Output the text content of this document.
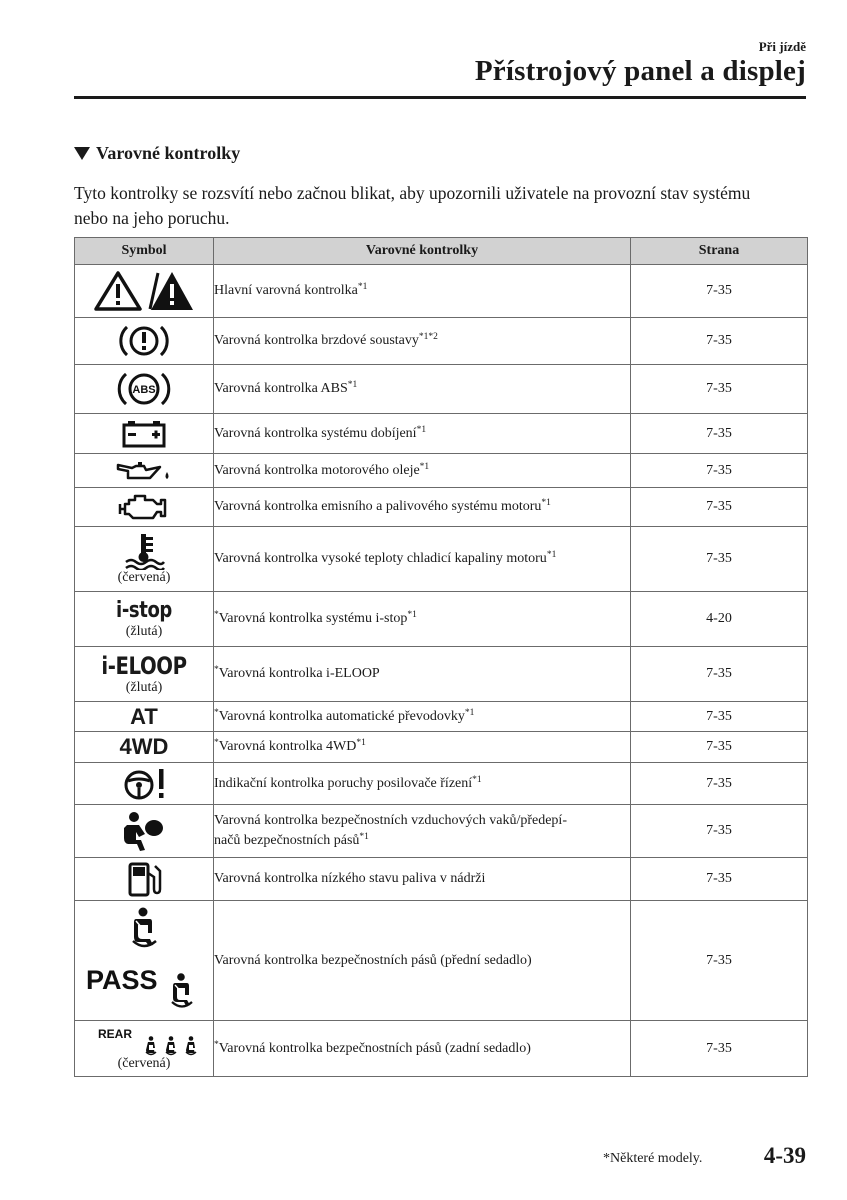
Při jízdě
Přístrojový panel a displej
Varovné kontrolky
Tyto kontrolky se rozsvítí nebo začnou blikat, aby upozornili uživatele na provozní stav systému nebo na jeho poruchu.
Symbol	Varovné kontrolky	Strana

	Hlavní varovná kontrolka$^{*1}$	7-35

	Varovná kontrolka brzdové soustavy$^{*1*2}$	7-35

ABS	Varovná kontrolka ABS$^{*1}$	7-35

	Varovná kontrolka systému dobíjení$^{*1}$	7-35

	Varovná kontrolka motorového oleje$^{*1}$	7-35

	Varovná kontrolka emisního a palivového systému motoru$^{*1}$	7-35

(červená)	Varovná kontrolka vysoké teploty chladicí kapaliny motoru$^{*1}$	7-35

i-stop
(žlutá)	*Varovná kontrolka systému i-stop$^{*1}$	4-20

i-ELOOP
(žlutá)	*Varovná kontrolka i-ELOOP	7-35

AT	*Varovná kontrolka automatické převodovky$^{*1}$	7-35

4WD	*Varovná kontrolka 4WD$^{*1}$	7-35

	Indikační kontrolka poruchy posilovače řízení$^{*1}$	7-35

	Varovná kontrolka bezpečnostních vzduchových vaků/předepí-
načů bezpečnostních pásů$^{*1}$	7-35

	Varovná kontrolka nízkého stavu paliva v nádrži	7-35

PASS	Varovná kontrolka bezpečnostních pásů (přední sedadlo)	7-35

REAR
(červená)	*Varovná kontrolka bezpečnostních pásů (zadní sedadlo)	7-35
*Některé modely.	4-39
